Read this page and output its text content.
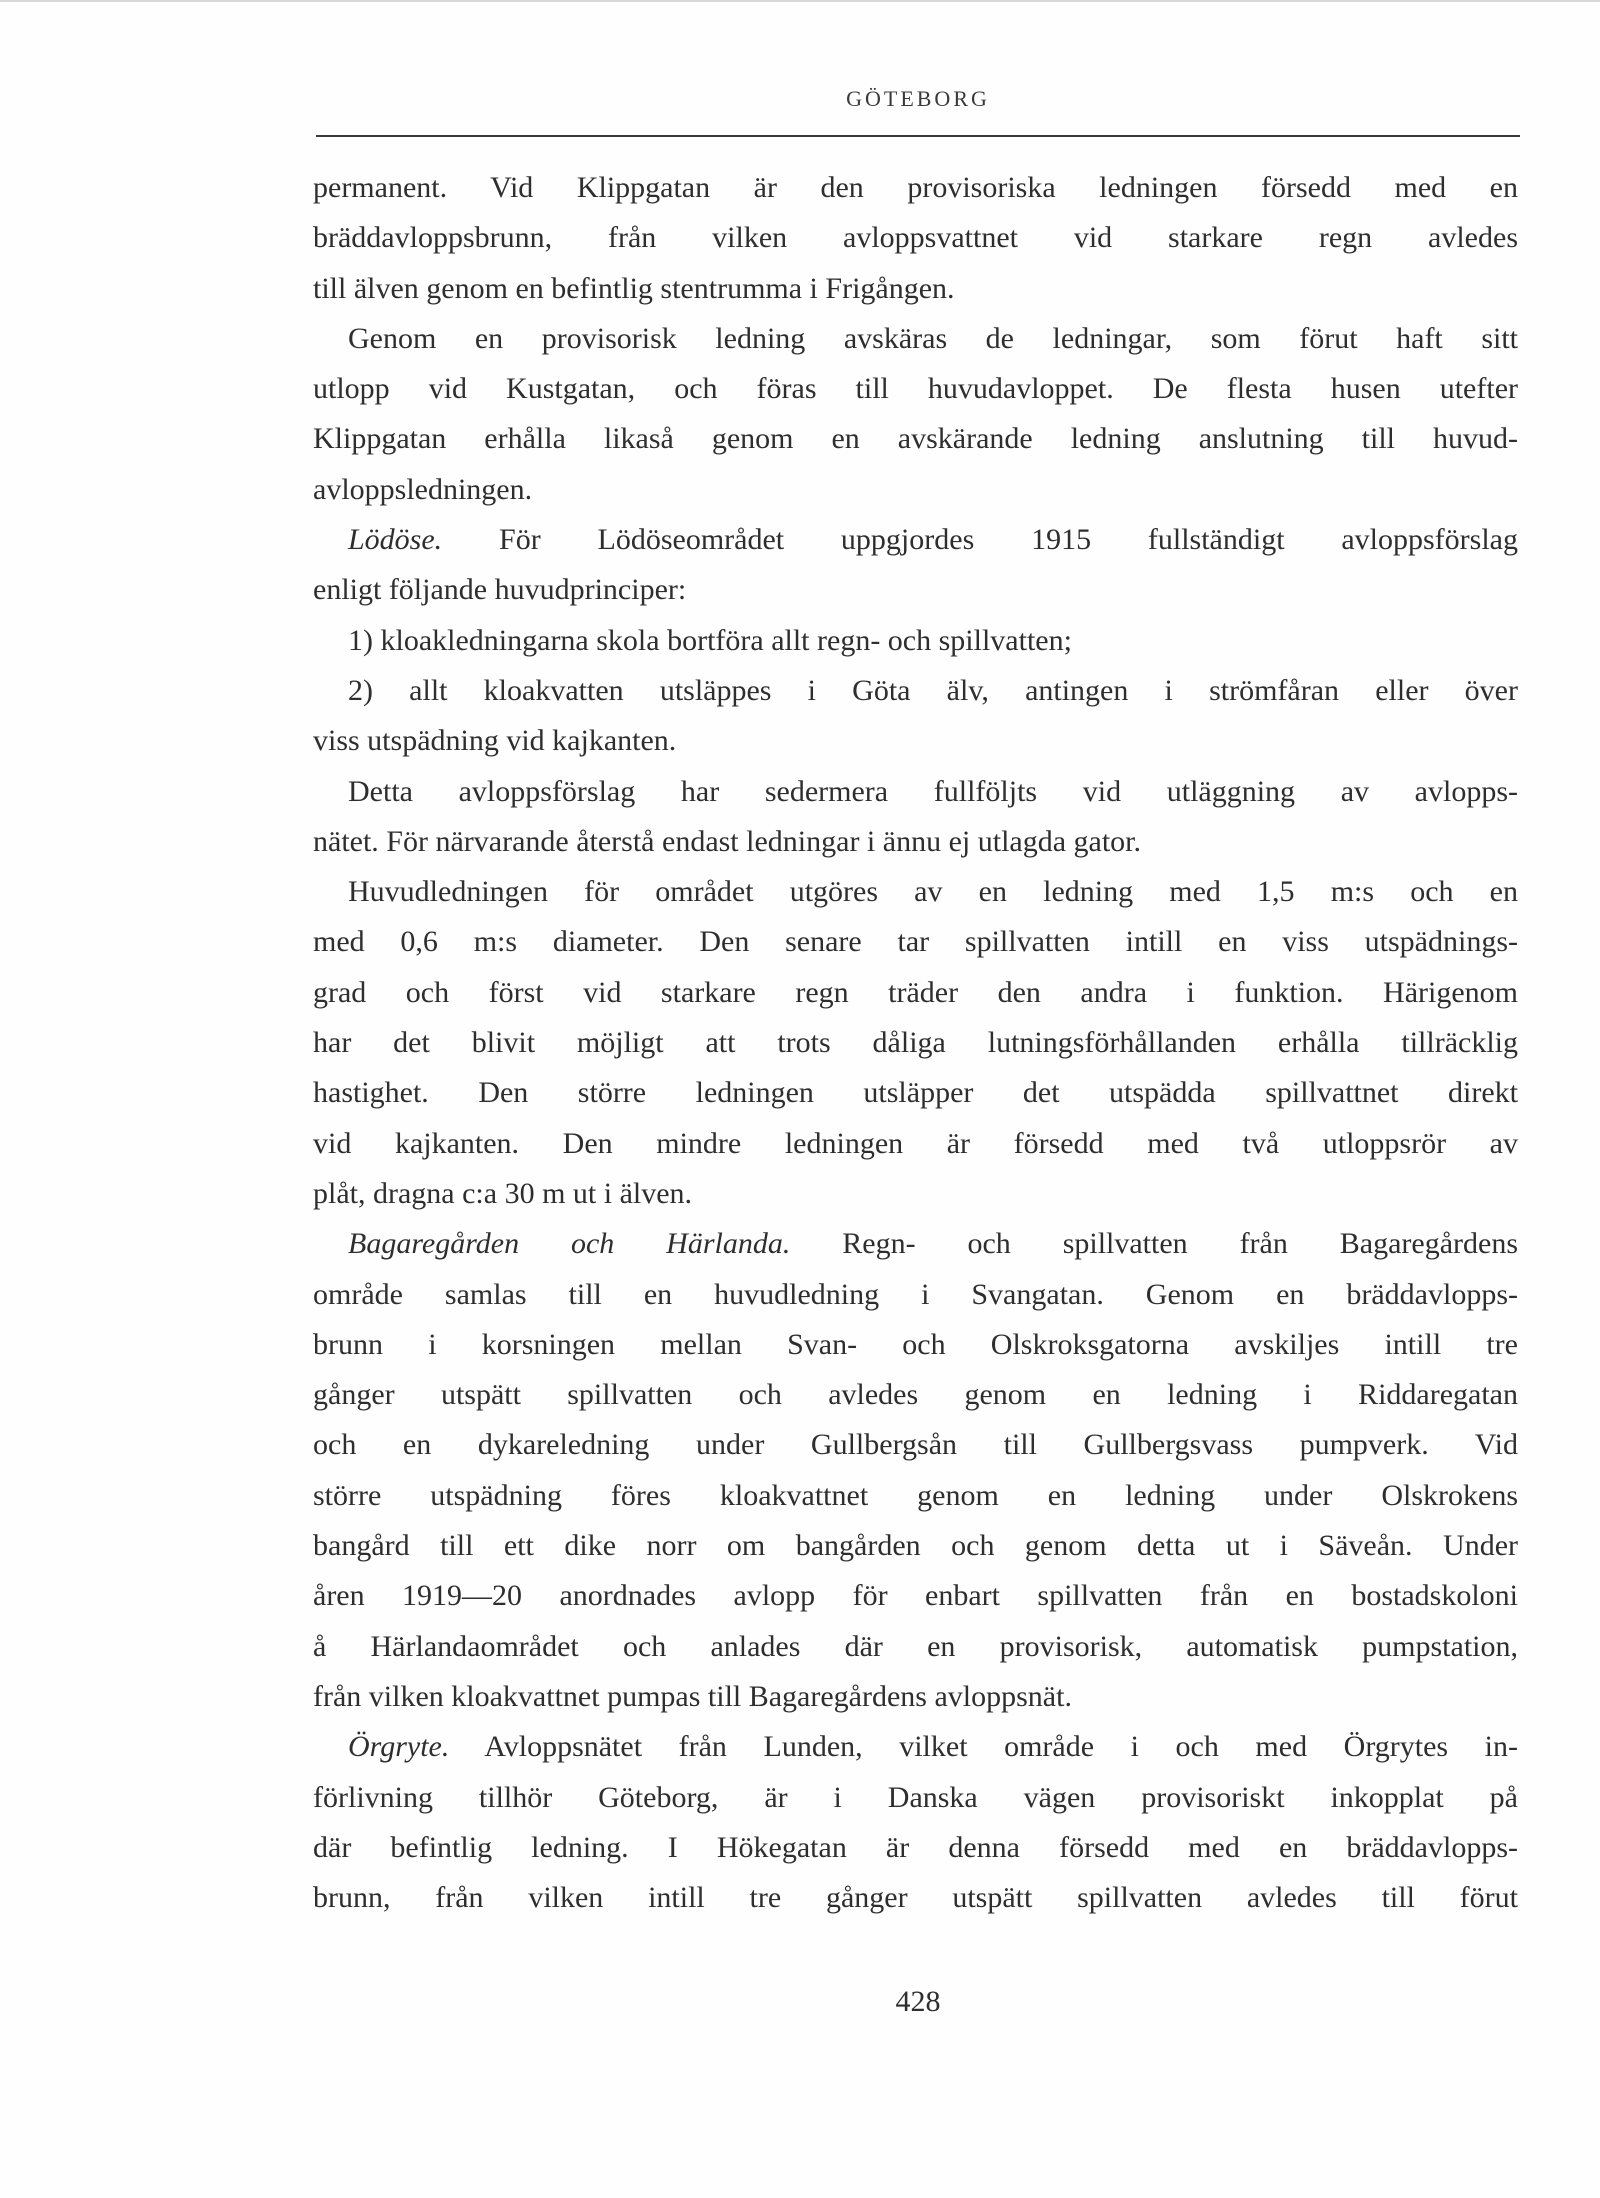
GÖTEBORG
permanent. Vid Klippgatan är den provisoriska ledningen försedd med en
bräddavloppsbrunn, från vilken avloppsvattnet vid starkare regn avledes
till älven genom en befintlig stentrumma i Frigången.
Genom en provisorisk ledning avskäras de ledningar, som förut haft sitt
utlopp vid Kustgatan, och föras till huvudavloppet. De flesta husen utefter
Klippgatan erhålla likaså genom en avskärande ledning anslutning till huvud-
avloppsledningen.
Lödöse. För Lödöseområdet uppgjordes 1915 fullständigt avloppsförslag
enligt följande huvudprinciper:
1) kloakledningarna skola bortföra allt regn- och spillvatten;
2) allt kloakvatten utsläppes i Göta älv, antingen i strömfåran eller över
viss utspädning vid kajkanten.
Detta avloppsförslag har sedermera fullföljts vid utläggning av avlopps-
nätet. För närvarande återstå endast ledningar i ännu ej utlagda gator.
Huvudledningen för området utgöres av en ledning med 1,5 m:s och en
med 0,6 m:s diameter. Den senare tar spillvatten intill en viss utspädnings-
grad och först vid starkare regn träder den andra i funktion. Härigenom
har det blivit möjligt att trots dåliga lutningsförhållanden erhålla tillräcklig
hastighet. Den större ledningen utsläpper det utspädda spillvattnet direkt
vid kajkanten. Den mindre ledningen är försedd med två utloppsrör av
plåt, dragna c:a 30 m ut i älven.
Bagaregården och Härlanda. Regn- och spillvatten från Bagaregårdens
område samlas till en huvudledning i Svangatan. Genom en bräddavlopps-
brunn i korsningen mellan Svan- och Olskroksgatorna avskiljes intill tre
gånger utspätt spillvatten och avledes genom en ledning i Riddaregatan
och en dykareledning under Gullbergsån till Gullbergsvass pumpverk. Vid
större utspädning föres kloakvattnet genom en ledning under Olskrokens
bangård till ett dike norr om bangården och genom detta ut i Säveån. Under
åren 1919—20 anordnades avlopp för enbart spillvatten från en bostadskoloni
å Härlandaområdet och anlades där en provisorisk, automatisk pumpstation,
från vilken kloakvattnet pumpas till Bagaregårdens avloppsnät.
Örgryte. Avloppsnätet från Lunden, vilket område i och med Örgrytes in-
förlivning tillhör Göteborg, är i Danska vägen provisoriskt inkopplat på
där befintlig ledning. I Hökegatan är denna försedd med en bräddavlopps-
brunn, från vilken intill tre gånger utspätt spillvatten avledes till förut
428
